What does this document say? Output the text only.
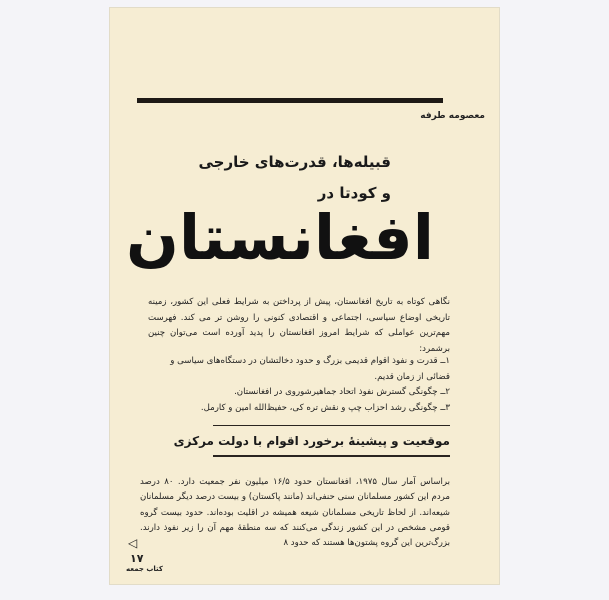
معصومه طرفه
قبیله‌ها، قدرت‌های خارجی
و کودتا در
افغانستان

نگاهی کوتاه به تاریخ افغانستان، پیش از پرداختن به شرایط فعلی این کشور، زمینه تاریخی اوضاع سیاسی، اجتماعی و اقتصادی کنونی را روشن تر می کند. فهرست مهم‌ترین عواملی که شرایط امروز افغانستان را پدید آورده است می‌توان چنین برشمرد:

۱ــ قدرت و نفوذ اقوام قدیمی بزرگ و حدود دخالتشان در دستگاه‌های سیاسی و قضائی از زمان قدیم.
۲ــ چگونگی گسترش نفوذ اتحاد جماهیرشوروی در افغانستان.
۳ــ چگونگی رشد احزاب چپ و نقش تره کی، حفیظ‌الله امین و کارمل.
موقعیت و پیشینهٔ برخورد اقوام با دولت مرکزی

براساس آمار سال ۱۹۷۵، افغانستان حدود ۱۶/۵ میلیون نفر جمعیت دارد. ۸۰ درصد مردم این کشور مسلمانان سنی حنفی‌اند (مانند پاکستان) و بیست درصد دیگر مسلمانان شیعه‌اند. از لحاظ تاریخی مسلمانان شیعه همیشه در اقلیت بوده‌اند. حدود بیست گروه قومی مشخص در این کشور زندگی می‌کنند که سه منطقهٔ مهم آن را زیر نفوذ دارند. بزرگ‌ترین این گروه پشتون‌ها هستند که حدود ۸

◁
۱۷
کتاب جمعه
